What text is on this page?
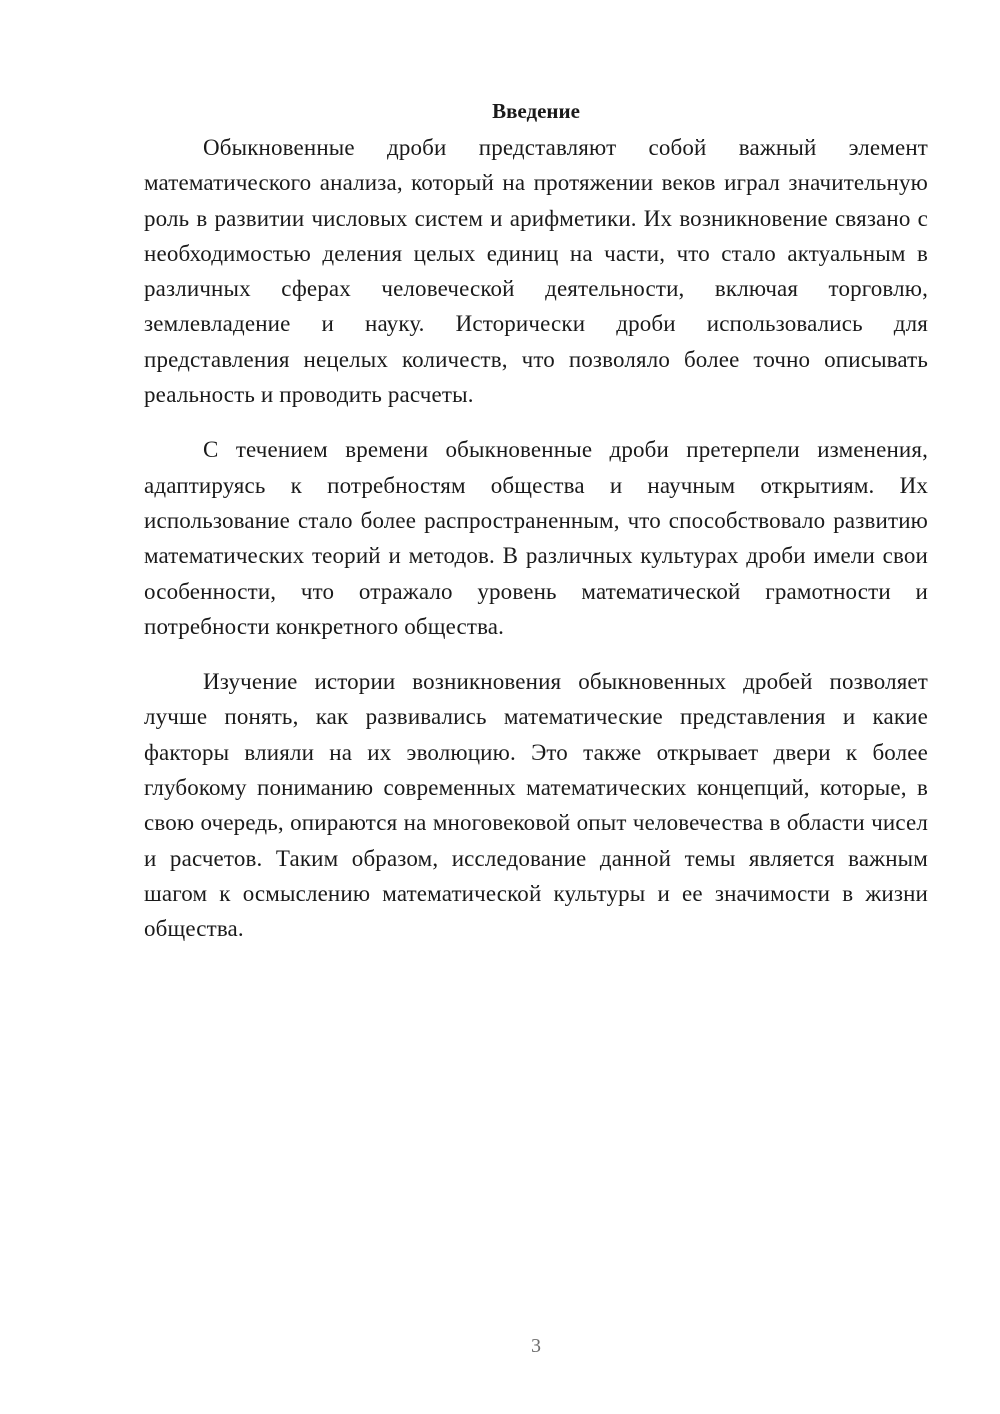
Введение

Обыкновенные дроби представляют собой важный элемент математического анализа, который на протяжении веков играл значительную роль в развитии числовых систем и арифметики. Их возникновение связано с необходимостью деления целых единиц на части, что стало актуальным в различных сферах человеческой деятельности, включая торговлю, землевладение и науку. Исторически дроби использовались для представления нецелых количеств, что позволяло более точно описывать реальность и проводить расчеты.

С течением времени обыкновенные дроби претерпели изменения, адаптируясь к потребностям общества и научным открытиям. Их использование стало более распространенным, что способствовало развитию математических теорий и методов. В различных культурах дроби имели свои особенности, что отражало уровень математической грамотности и потребности конкретного общества.

Изучение истории возникновения обыкновенных дробей позволяет лучше понять, как развивались математические представления и какие факторы влияли на их эволюцию. Это также открывает двери к более глубокому пониманию современных математических концепций, которые, в свою очередь, опираются на многовековой опыт человечества в области чисел и расчетов. Таким образом, исследование данной темы является важным шагом к осмыслению математической культуры и ее значимости в жизни общества.

3
